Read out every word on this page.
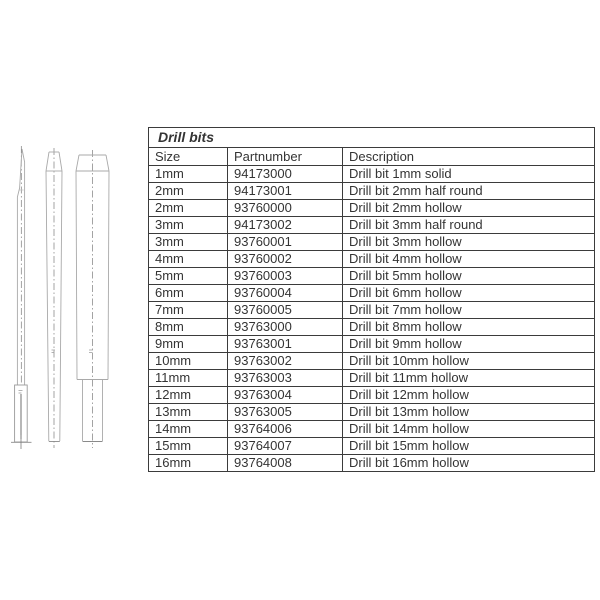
Drill bits		
Size	Partnumber	Description
1mm	94173000	Drill bit 1mm solid
2mm	94173001	Drill bit 2mm half round
2mm	93760000	Drill bit 2mm hollow
3mm	94173002	Drill bit 3mm half round
3mm	93760001	Drill bit 3mm hollow
4mm	93760002	Drill bit 4mm hollow
5mm	93760003	Drill bit 5mm hollow
6mm	93760004	Drill bit 6mm hollow
7mm	93760005	Drill bit 7mm hollow
8mm	93763000	Drill bit 8mm hollow
9mm	93763001	Drill bit 9mm hollow
10mm	93763002	Drill bit 10mm hollow
11mm	93763003	Drill bit 11mm hollow
12mm	93763004	Drill bit 12mm hollow
13mm	93763005	Drill bit 13mm hollow
14mm	93764006	Drill bit 14mm hollow
15mm	93764007	Drill bit 15mm hollow
16mm	93764008	Drill bit 16mm hollow
